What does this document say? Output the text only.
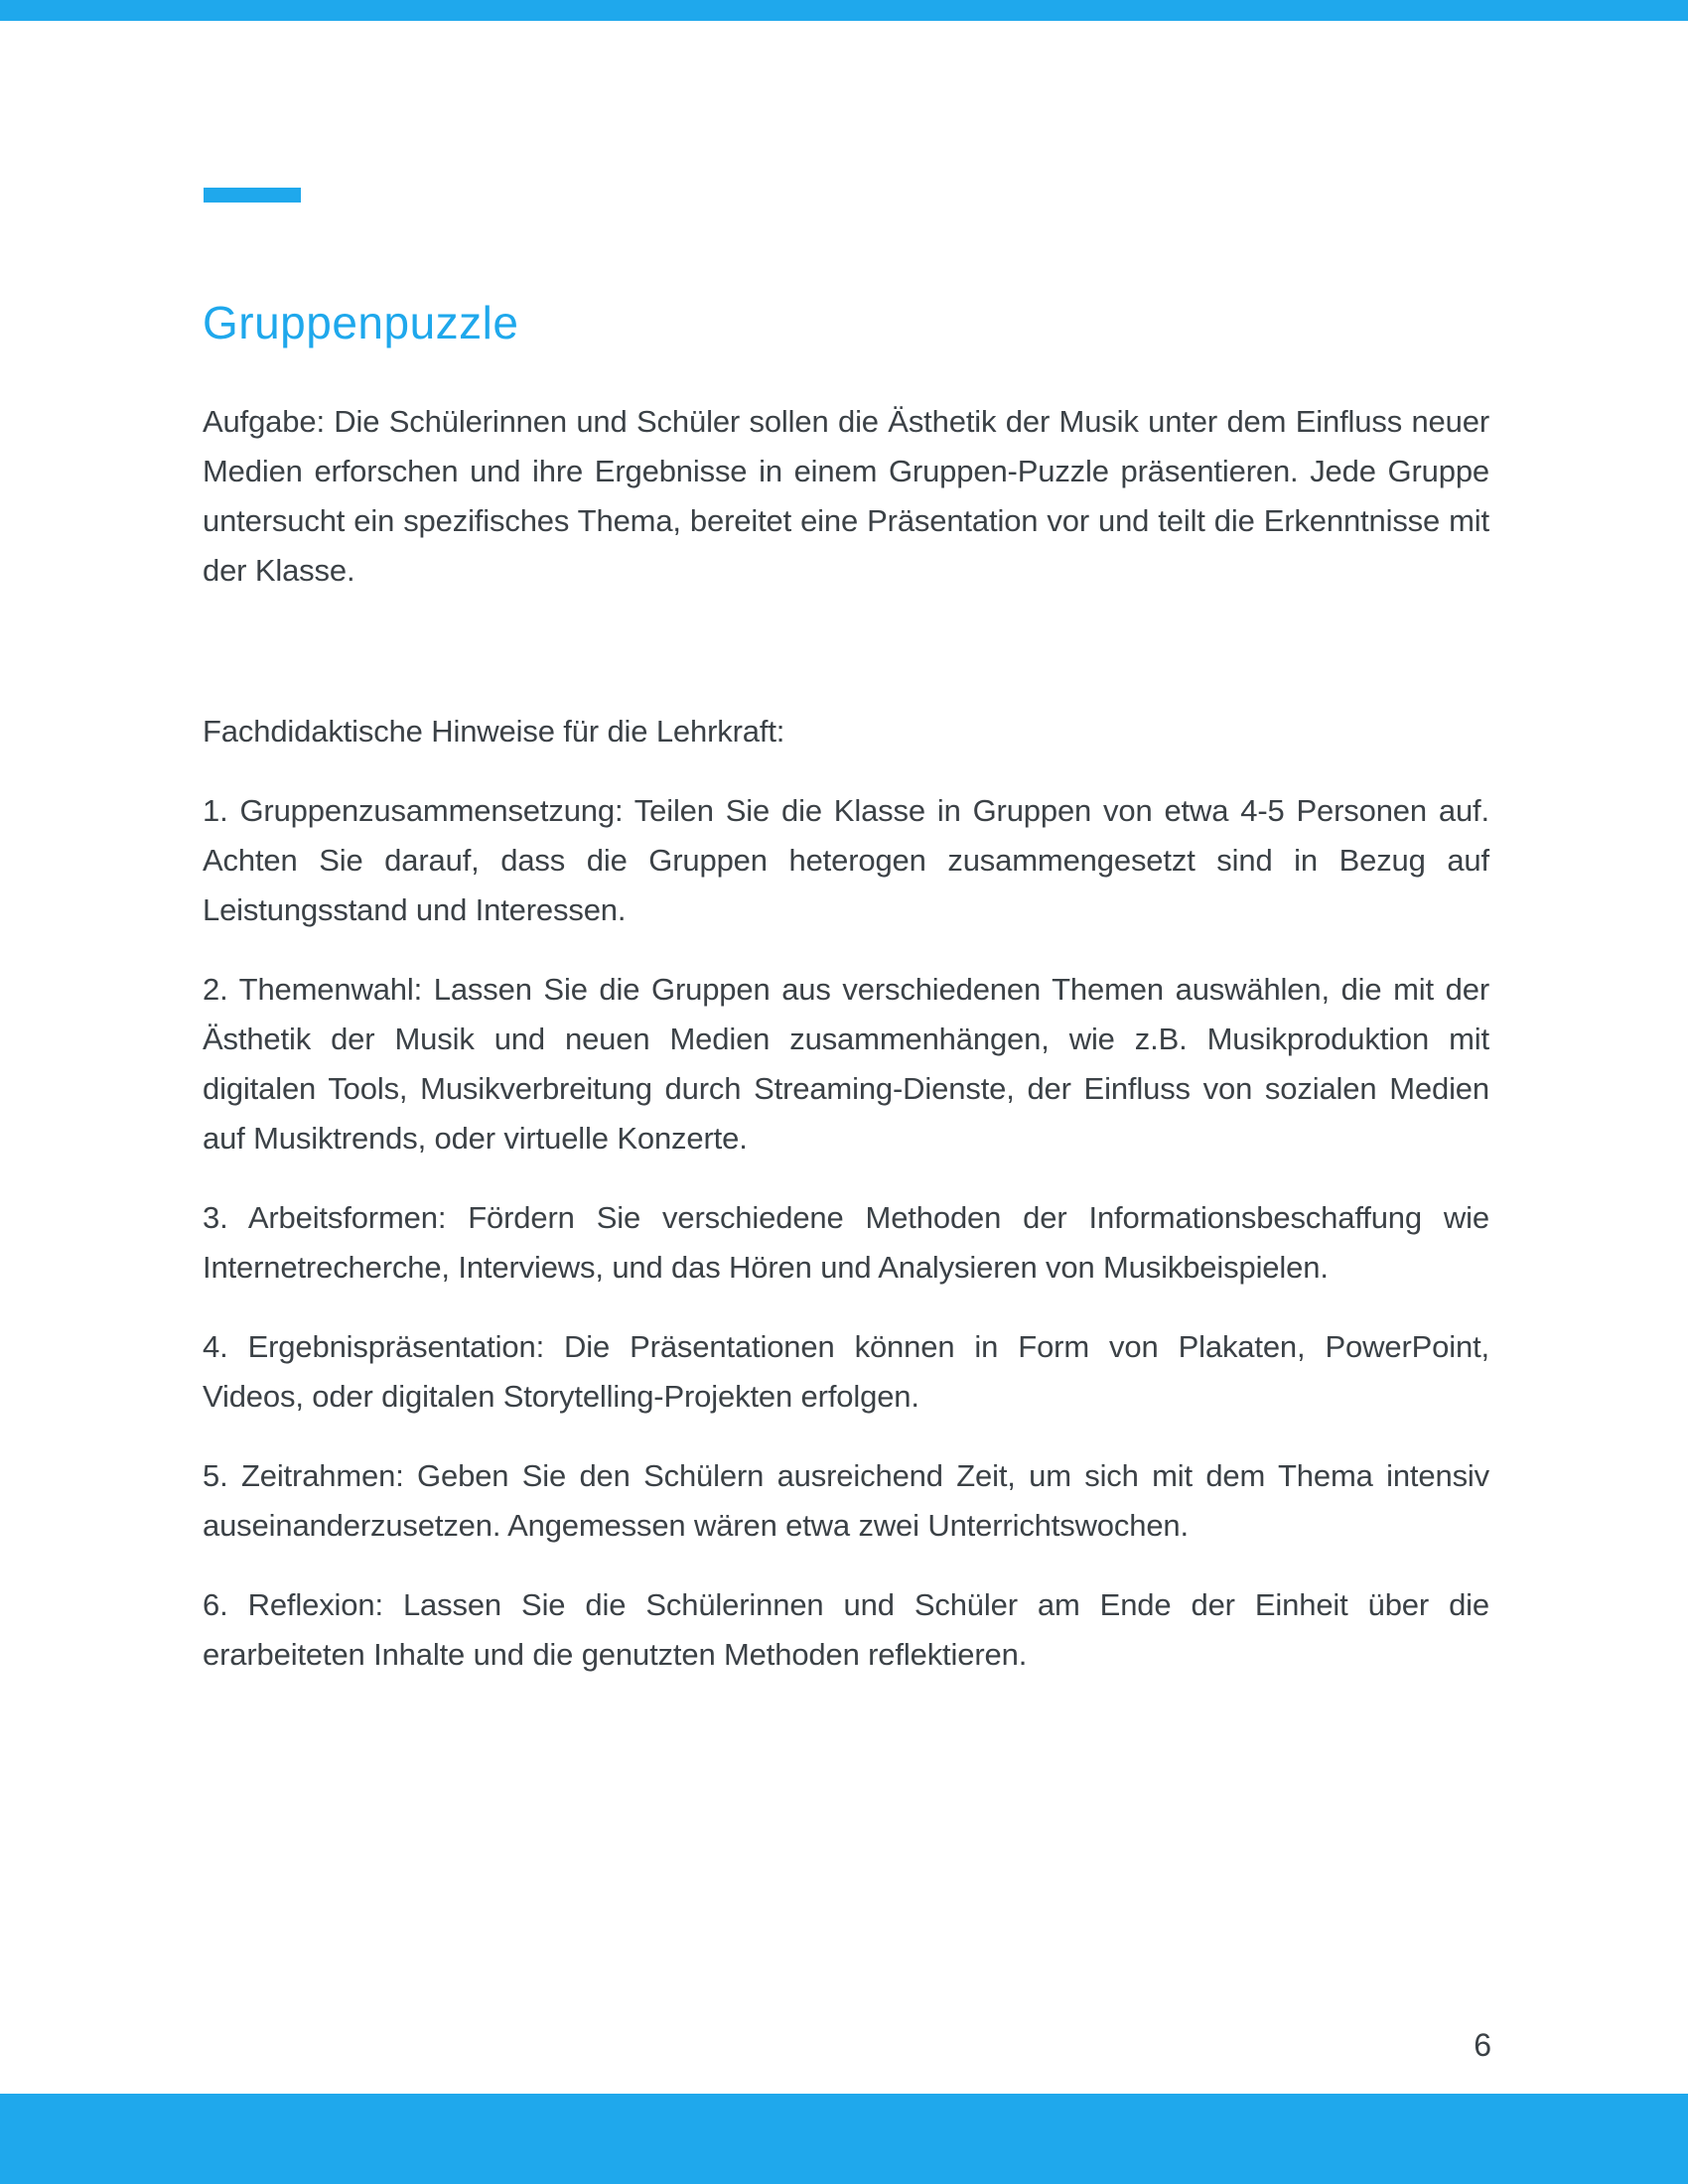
Gruppenpuzzle

Aufgabe: Die Schülerinnen und Schüler sollen die Ästhetik der Musik unter dem Einfluss neuer Medien erforschen und ihre Ergebnisse in einem Gruppen-Puzzle präsentieren. Jede Gruppe untersucht ein spezifisches Thema, bereitet eine Präsentation vor und teilt die Erkenntnisse mit der Klasse.

Fachdidaktische Hinweise für die Lehrkraft:

1. Gruppenzusammensetzung: Teilen Sie die Klasse in Gruppen von etwa 4-5 Personen auf. Achten Sie darauf, dass die Gruppen heterogen zusammengesetzt sind in Bezug auf Leistungsstand und Interessen.

2. Themenwahl: Lassen Sie die Gruppen aus verschiedenen Themen auswählen, die mit der Ästhetik der Musik und neuen Medien zusammenhängen, wie z.B. Musikproduktion mit digitalen Tools, Musikverbreitung durch Streaming-Dienste, der Einfluss von sozialen Medien auf Musiktrends, oder virtuelle Konzerte.

3. Arbeitsformen: Fördern Sie verschiedene Methoden der Informationsbeschaffung wie Internetrecherche, Interviews, und das Hören und Analysieren von Musikbeispielen.

4. Ergebnispräsentation: Die Präsentationen können in Form von Plakaten, PowerPoint, Videos, oder digitalen Storytelling-Projekten erfolgen.

5. Zeitrahmen: Geben Sie den Schülern ausreichend Zeit, um sich mit dem Thema intensiv auseinanderzusetzen. Angemessen wären etwa zwei Unterrichtswochen.

6. Reflexion: Lassen Sie die Schülerinnen und Schüler am Ende der Einheit über die erarbeiteten Inhalte und die genutzten Methoden reflektieren.

6
